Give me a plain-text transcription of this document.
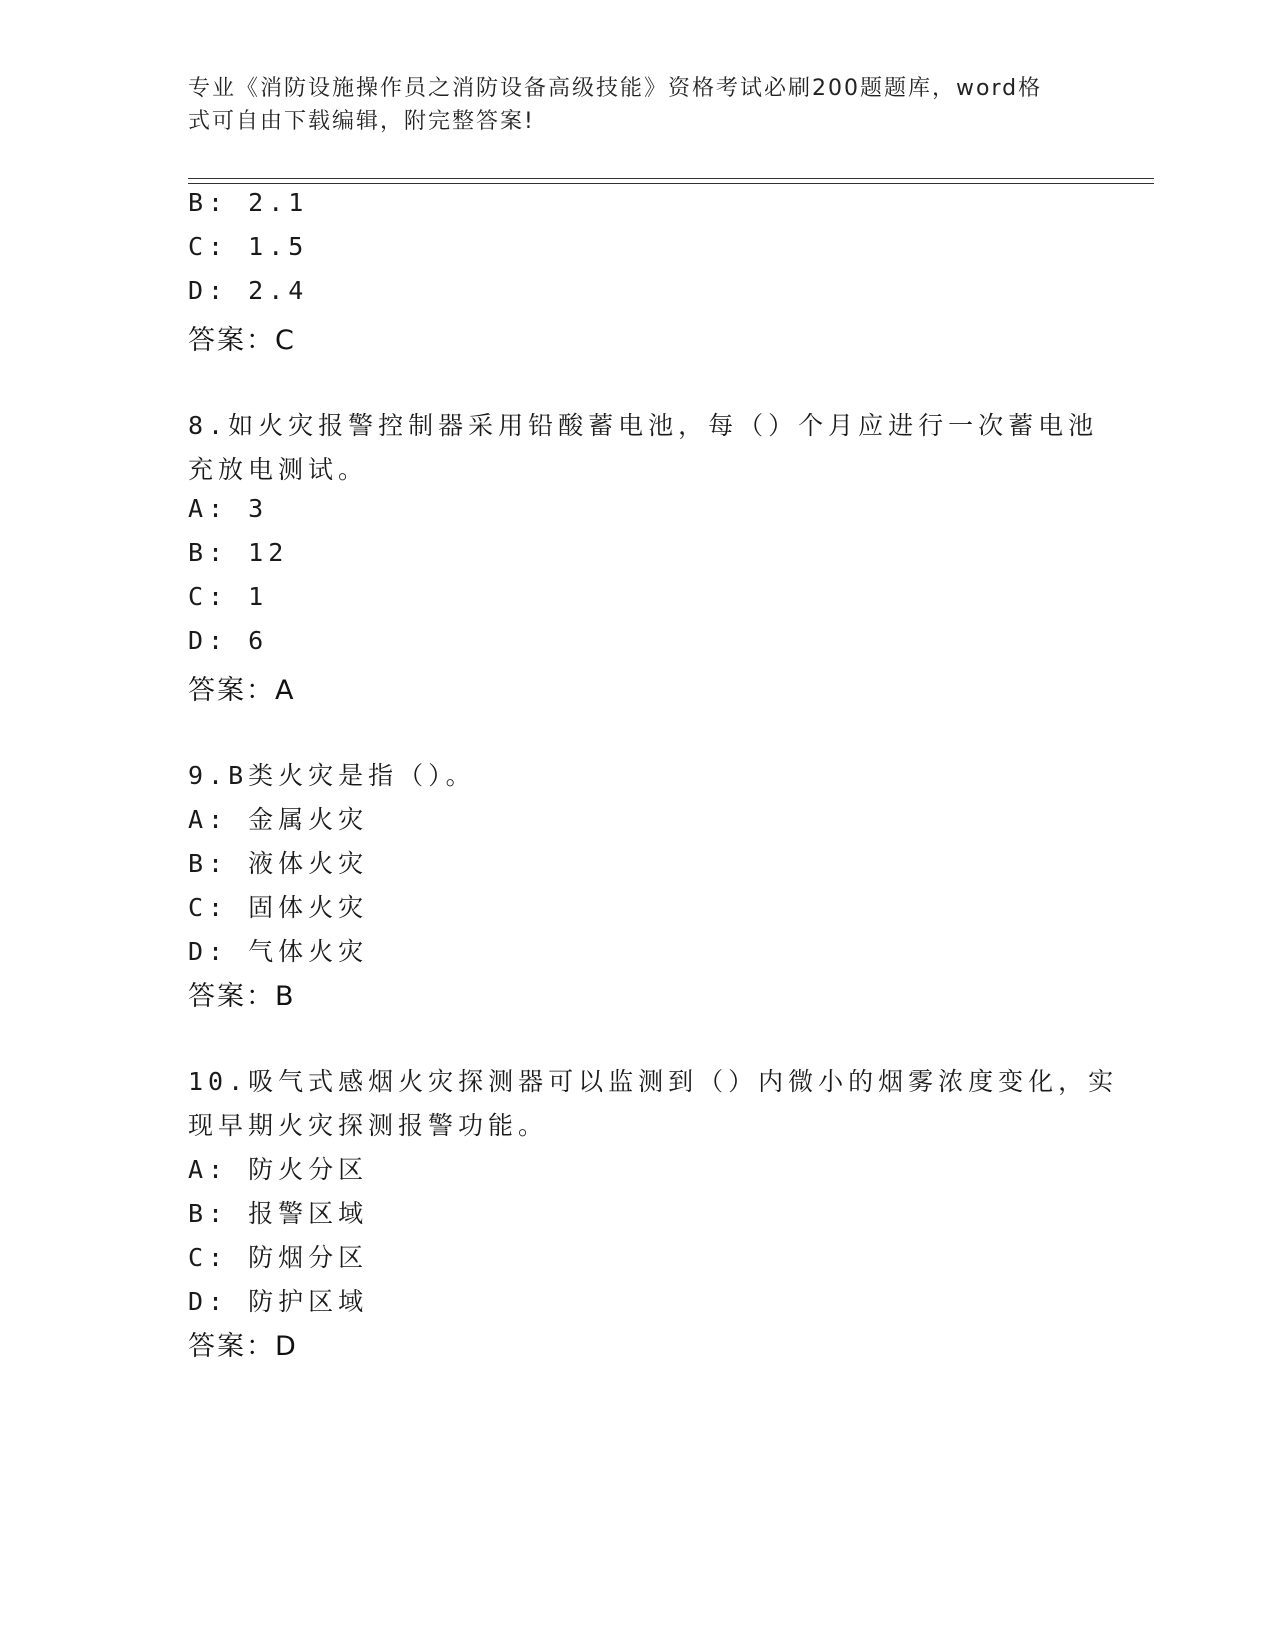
专业《消防设施操作员之消防设备高级技能》资格考试必刷200题题库，word格
式可自由下载编辑，附完整答案!
B: 2.1
C: 1.5
D: 2.4
答案：C
8.如火灾报警控制器采用铅酸蓄电池，每（）个月应进行一次蓄电池
充放电测试。
A: 3
B: 12
C: 1
D: 6
答案：A
9.B类火灾是指（）。
A: 金属火灾
B: 液体火灾
C: 固体火灾
D: 气体火灾
答案：B
10.吸气式感烟火灾探测器可以监测到（）内微小的烟雾浓度变化，实
现早期火灾探测报警功能。
A: 防火分区
B: 报警区域
C: 防烟分区
D: 防护区域
答案：D
